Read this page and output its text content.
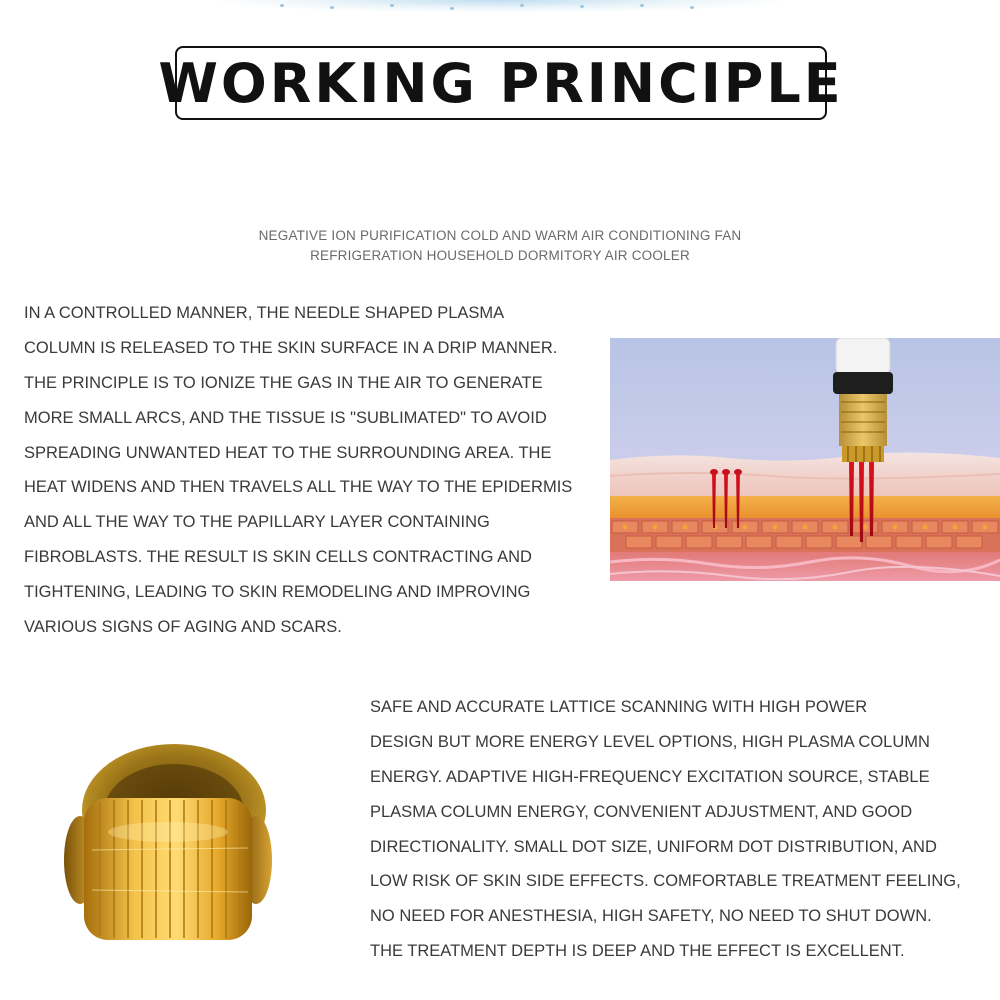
WORKING PRINCIPLE
NEGATIVE ION PURIFICATION COLD AND WARM AIR CONDITIONING FAN
REFRIGERATION HOUSEHOLD DORMITORY AIR COOLER
IN A CONTROLLED MANNER, THE NEEDLE SHAPED PLASMA
COLUMN IS RELEASED TO THE SKIN SURFACE IN A DRIP MANNER.
THE PRINCIPLE IS TO IONIZE THE GAS IN THE AIR TO GENERATE
MORE SMALL ARCS, AND THE TISSUE IS "SUBLIMATED" TO AVOID
SPREADING UNWANTED HEAT TO THE SURROUNDING AREA. THE
HEAT WIDENS AND THEN TRAVELS ALL THE WAY TO THE EPIDERMIS
AND ALL THE WAY TO THE PAPILLARY LAYER CONTAINING
FIBROBLASTS. THE RESULT IS SKIN CELLS CONTRACTING AND
TIGHTENING, LEADING TO SKIN REMODELING AND IMPROVING
VARIOUS SIGNS OF AGING AND SCARS.
SAFE AND ACCURATE LATTICE SCANNING WITH HIGH POWER
DESIGN BUT MORE ENERGY LEVEL OPTIONS, HIGH PLASMA COLUMN
ENERGY. ADAPTIVE HIGH-FREQUENCY EXCITATION SOURCE, STABLE
PLASMA COLUMN ENERGY, CONVENIENT ADJUSTMENT, AND GOOD
DIRECTIONALITY. SMALL DOT SIZE, UNIFORM DOT DISTRIBUTION, AND
LOW RISK OF SKIN SIDE EFFECTS. COMFORTABLE TREATMENT FEELING,
NO NEED FOR ANESTHESIA, HIGH SAFETY, NO NEED TO SHUT DOWN.
THE TREATMENT DEPTH IS DEEP AND THE EFFECT IS EXCELLENT.
